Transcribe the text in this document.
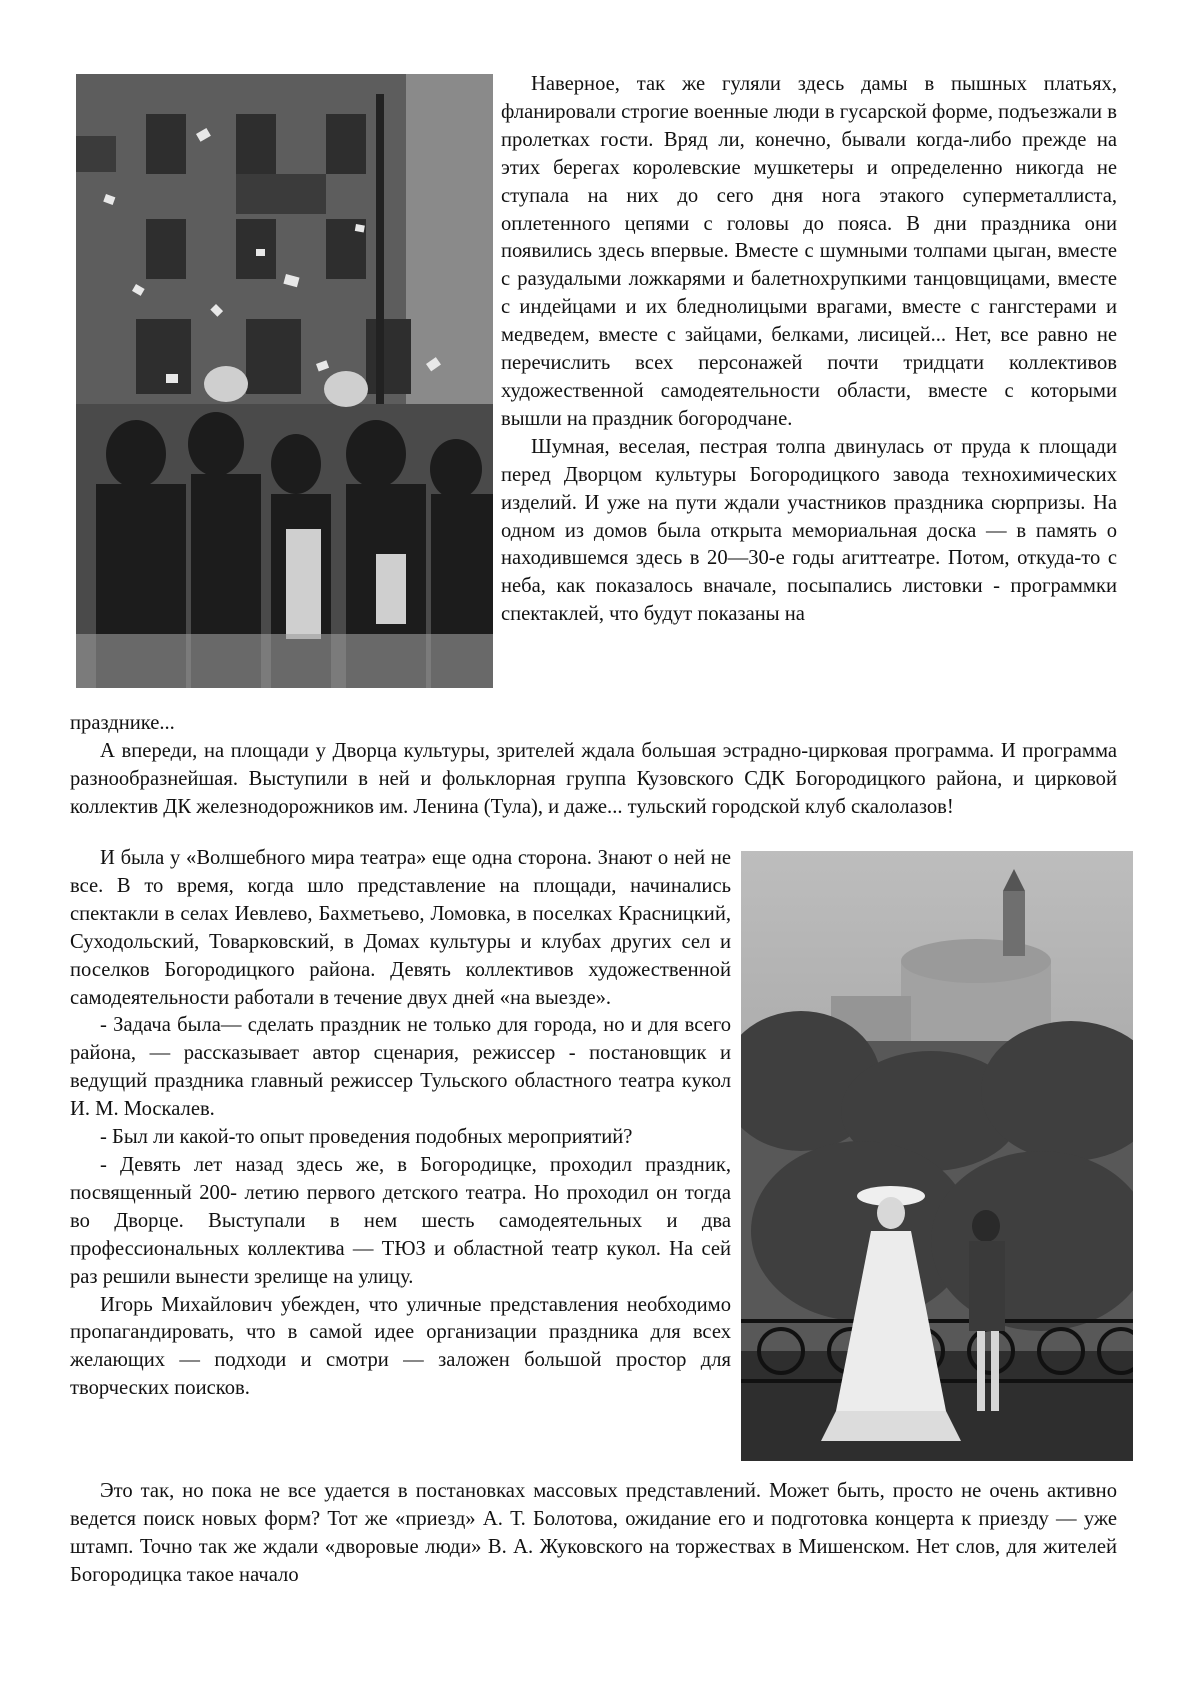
Наверное, так же гуляли здесь дамы в пышных платьях, фланировали строгие военные люди в гусарской форме, подъезжали в пролетках гости. Вряд ли, конечно, бывали когда-либо прежде на этих берегах королевские мушкетеры и определенно никогда не ступала на них до сего дня нога этакого суперметаллиста, оплетенного цепями с головы до пояса. В дни праздника они появились здесь впервые. Вместе с шумными толпами цыган, вместе с разудалыми ложкарями и балетнохрупкими танцовщицами, вместе с индейцами и их бледнолицыми врагами, вместе с гангстерами и медведем, вместе с зайцами, белками, лисицей... Нет, все равно не перечислить всех персонажей почти тридцати коллективов художественной самодеятельности области, вместе с которыми вышли на праздник богородчане.

Шумная, веселая, пестрая толпа двинулась от пруда к площади перед Дворцом культуры Богородицкого завода технохимических изделий. И уже на пути ждали участников праздника сюрпризы. На одном из домов была открыта мемориальная доска — в память о находившемся здесь в 20—30-е годы агиттеатре. Потом, откуда-то с неба, как показалось вначале, посыпались листовки - программки спектаклей, что будут показаны на

празднике...

А впереди, на площади у Дворца культуры, зрителей ждала большая эстрадно-цирковая программа. И программа разнообразнейшая. Выступили в ней и фольклорная группа Кузовского СДК Богородицкого района, и цирковой коллектив ДК железнодорожников им. Ленина (Тула), и даже... тульский городской клуб скалолазов!

И была у «Волшебного мира театра» еще одна сторона. Знают о ней не все. В то время, когда шло представление на площади, начинались спектакли в селах Иевлево, Бахметьево, Ломовка, в поселках Красницкий, Суходольский, Товарковский, в Домах культуры и клубах других сел и поселков Богородицкого района. Девять коллективов художественной самодеятельности работали в течение двух дней «на выезде».

- Задача была— сделать праздник не только для города, но и для всего района, — рассказывает автор сценария, режиссер - постановщик и ведущий праздника главный режиссер Тульского областного театра кукол И. М. Москалев.

- Был ли какой-то опыт проведения подобных мероприятий?

- Девять лет назад здесь же, в Богородицке, проходил праздник, посвященный 200- летию первого детского театра. Но проходил он тогда во Дворце. Выступали в нем шесть самодеятельных и два профессиональных коллектива — ТЮЗ и областной театр кукол. На сей раз решили вынести зрелище на улицу.

Игорь Михайлович убежден, что уличные представления необходимо пропагандировать, что в самой идее организации праздника для всех желающих — подходи и смотри — заложен большой простор для творческих поисков.

Это так, но пока не все удается в постановках массовых представлений. Может быть, просто не очень активно ведется поиск новых форм? Тот же «приезд» А. Т. Болотова, ожидание его и подготовка концерта к приезду — уже штамп. Точно так же ждали «дворовые люди» В. А. Жуковского на торжествах в Мишенском. Нет слов, для жителей Богородицка такое начало
